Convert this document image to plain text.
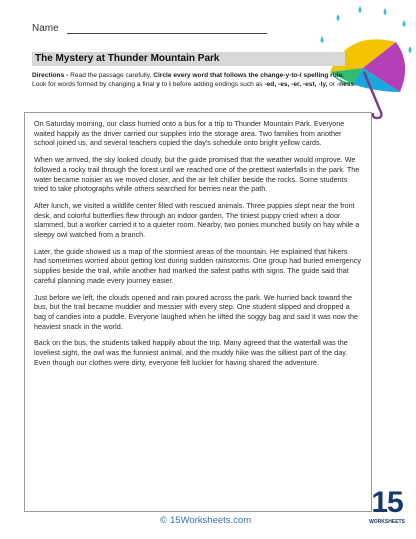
Name
The Mystery at Thunder Mountain Park
Directions - Read the passage carefully. Circle every word that follows the change-y-to-i spelling rule. Look for words formed by changing a final y to i before adding endings such as -ed, -es, -er, -est, -ly, or -ness.

On Saturday morning, our class hurried onto a bus for a trip to Thunder Mountain Park. Everyone waited happily as the driver carried our supplies into the storage area. Two families from another school joined us, and several teachers copied the day's schedule onto bright yellow cards.

When we arrived, the sky looked cloudy, but the guide promised that the weather would improve. We followed a rocky trail through the forest until we reached one of the prettiest waterfalls in the park. The water became noisier as we moved closer, and the air felt chillier beside the rocks. Some students tried to take photographs while others searched for berries near the path.

After lunch, we visited a wildlife center filled with rescued animals. Three puppies slept near the front desk, and colorful butterflies flew through an indoor garden. The tiniest puppy cried when a door slammed, but a worker carried it to a quieter room. Nearby, two ponies munched busily on hay while a sleepy owl watched from a branch.

Later, the guide showed us a map of the stormiest areas of the mountain. He explained that hikers had sometimes worried about getting lost during sudden rainstorms. One group had buried emergency supplies beside the trail, while another had marked the safest paths with signs. The guide said that careful planning made every journey easier.

Just before we left, the clouds opened and rain poured across the park. We hurried back toward the bus, but the trail became muddier and messier with every step. One student slipped and dropped a bag of candies into a puddle. Everyone laughed when he lifted the soggy bag and said it was now the heaviest snack in the world.

Back on the bus, the students talked happily about the trip. Many agreed that the waterfall was the loveliest sight, the owl was the funniest animal, and the muddy hike was the silliest part of the day. Even though our clothes were dirty, everyone felt luckier for having shared the adventure.

© 15Worksheets.com
15
WORKSHEETS
